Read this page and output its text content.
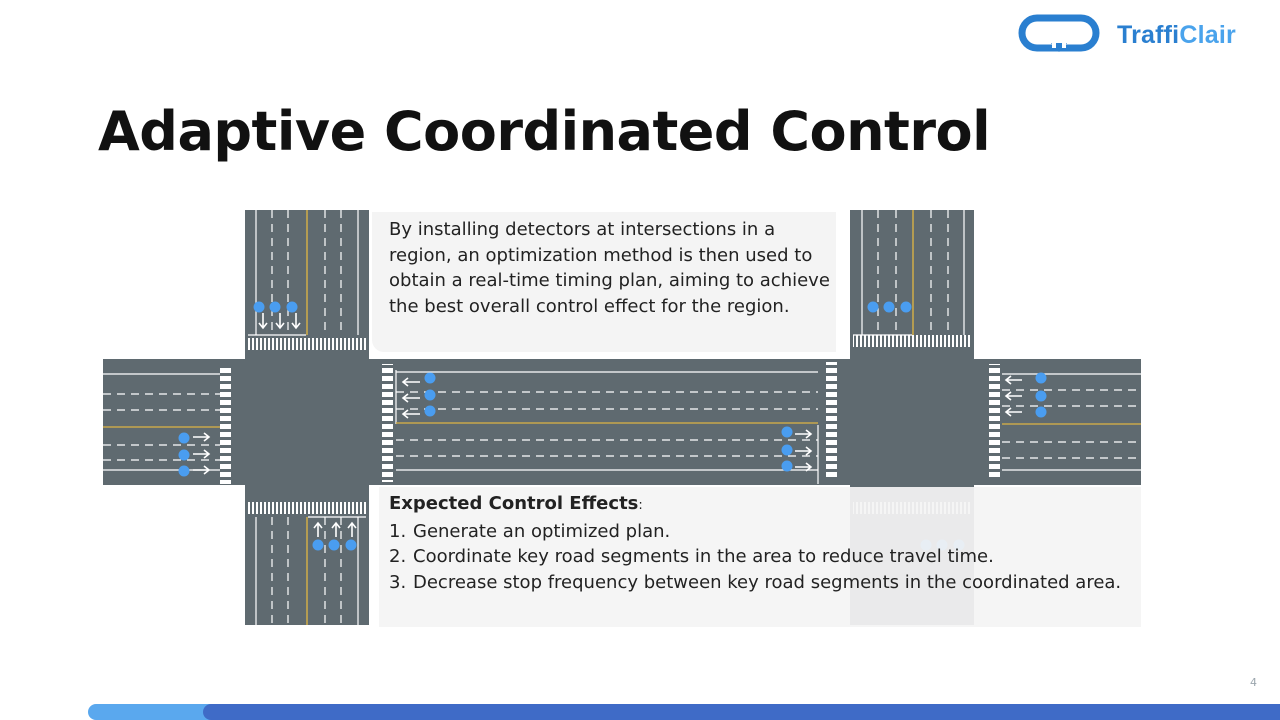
TraffiClair
Adaptive Coordinated Control
By installing detectors at intersections in a region, an optimization method is then used to obtain a real-time timing plan, aiming to achieve the best overall control effect for the region.
Expected Control Effects:
1. Generate an optimized plan.
2. Coordinate key road segments in the area to reduce travel time.
3. Decrease stop frequency between key road segments in the coordinated area.
4
